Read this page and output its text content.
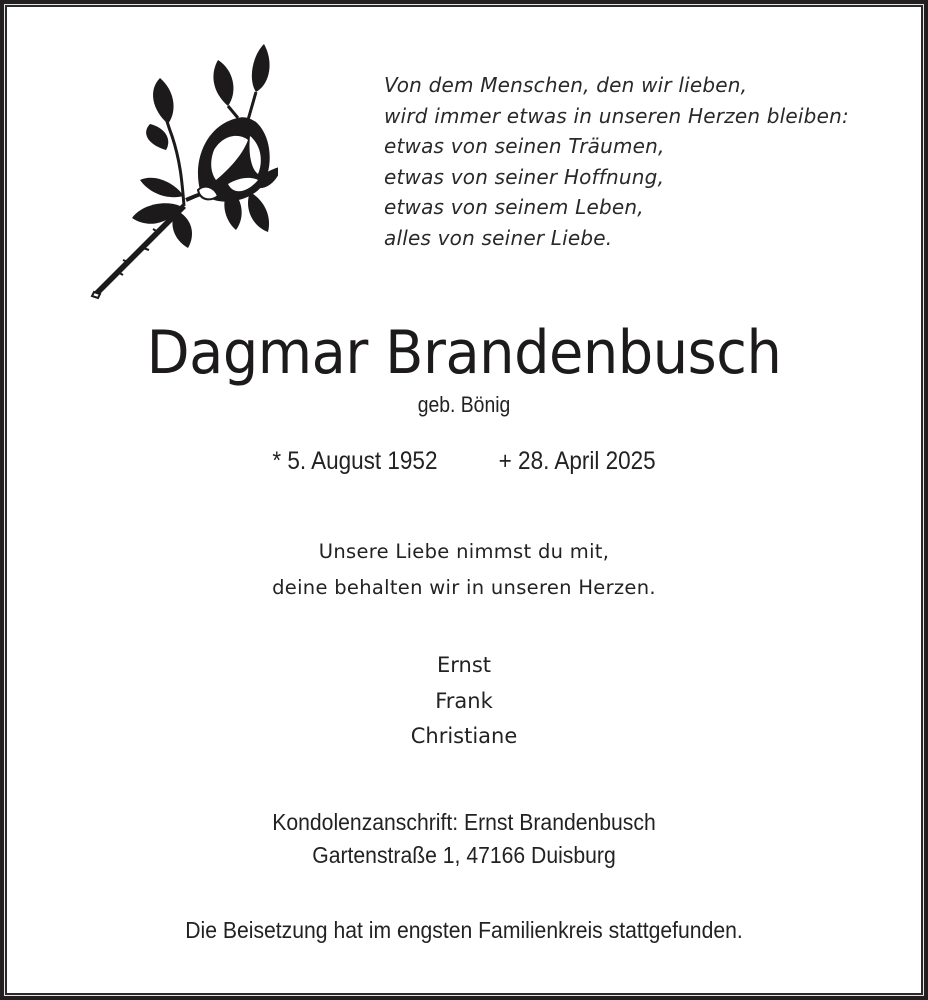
Von dem Menschen, den wir lieben,
wird immer etwas in unseren Herzen bleiben:
etwas von seinen Träumen,
etwas von seiner Hoffnung,
etwas von seinem Leben,
alles von seiner Liebe.
Dagmar Brandenbusch
geb. Bönig
* 5. August 1952 + 28. April 2025
Unsere Liebe nimmst du mit,
deine behalten wir in unseren Herzen.
Ernst
Frank
Christiane
Kondolenzanschrift: Ernst Brandenbusch
Gartenstraße 1, 47166 Duisburg
Die Beisetzung hat im engsten Familienkreis stattgefunden.
